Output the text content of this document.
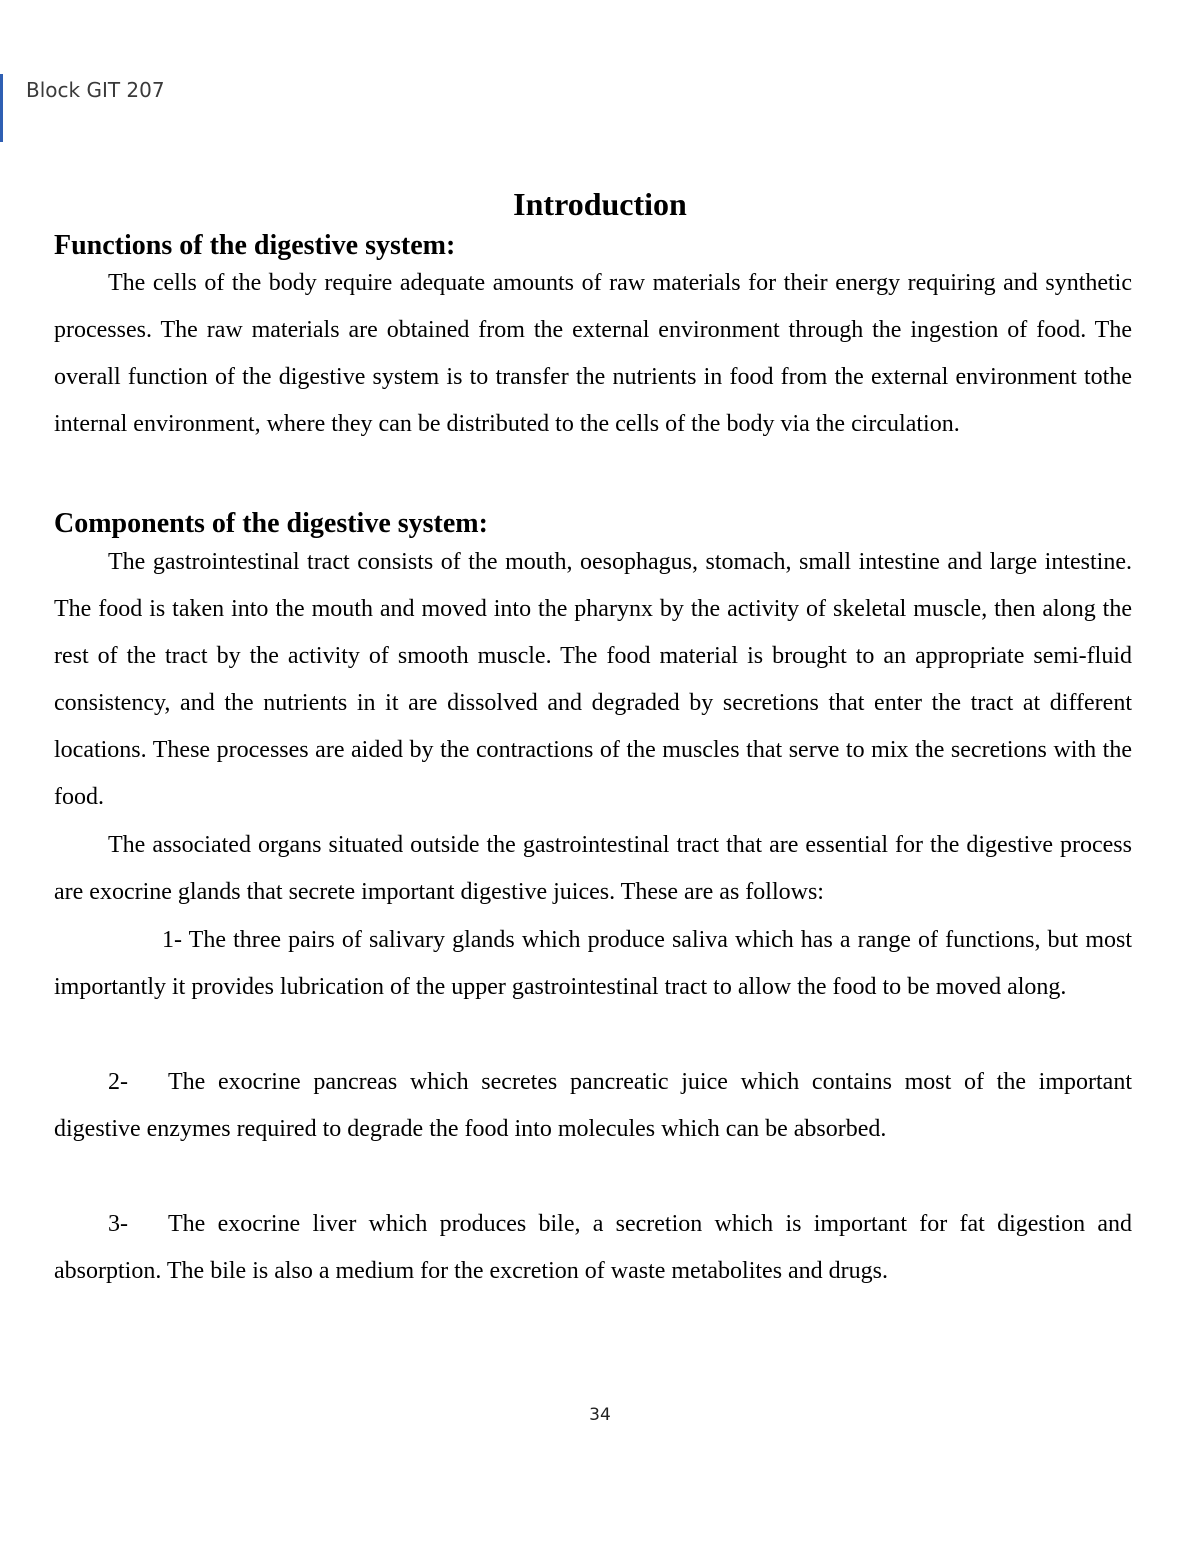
Block GIT 207
Introduction
Functions of the digestive system:

The cells of the body require adequate amounts of raw materials for their energy requiring and synthetic processes. The raw materials are obtained from the external environment through the ingestion of food. The overall function of the digestive system is to transfer the nutrients in food from the external environment tothe internal environment, where they can be distributed to the cells of the body via the circulation.

Components of the digestive system:

The gastrointestinal tract consists of the mouth, oesophagus, stomach, small intestine and large intestine. The food is taken into the mouth and moved into the pharynx by the activity of skeletal muscle, then along the rest of the tract by the activity of smooth muscle. The food material is brought to an appropriate semi-fluid consistency, and the nutrients in it are dissolved and degraded by secretions that enter the tract at different locations. These processes are aided by the contractions of the muscles that serve to mix the secretions with the food.

The associated organs situated outside the gastrointestinal tract that are essential for the digestive process are exocrine glands that secrete important digestive juices. These are as follows:

1- The three pairs of salivary glands which produce saliva which has a range of functions, but most importantly it provides lubrication of the upper gastrointestinal tract to allow the food to be moved along.

2- The exocrine pancreas which secretes pancreatic juice which contains most of the important digestive enzymes required to degrade the food into molecules which can be absorbed.

3- The exocrine liver which produces bile, a secretion which is important for fat digestion and absorption. The bile is also a medium for the excretion of waste metabolites and drugs.

34
